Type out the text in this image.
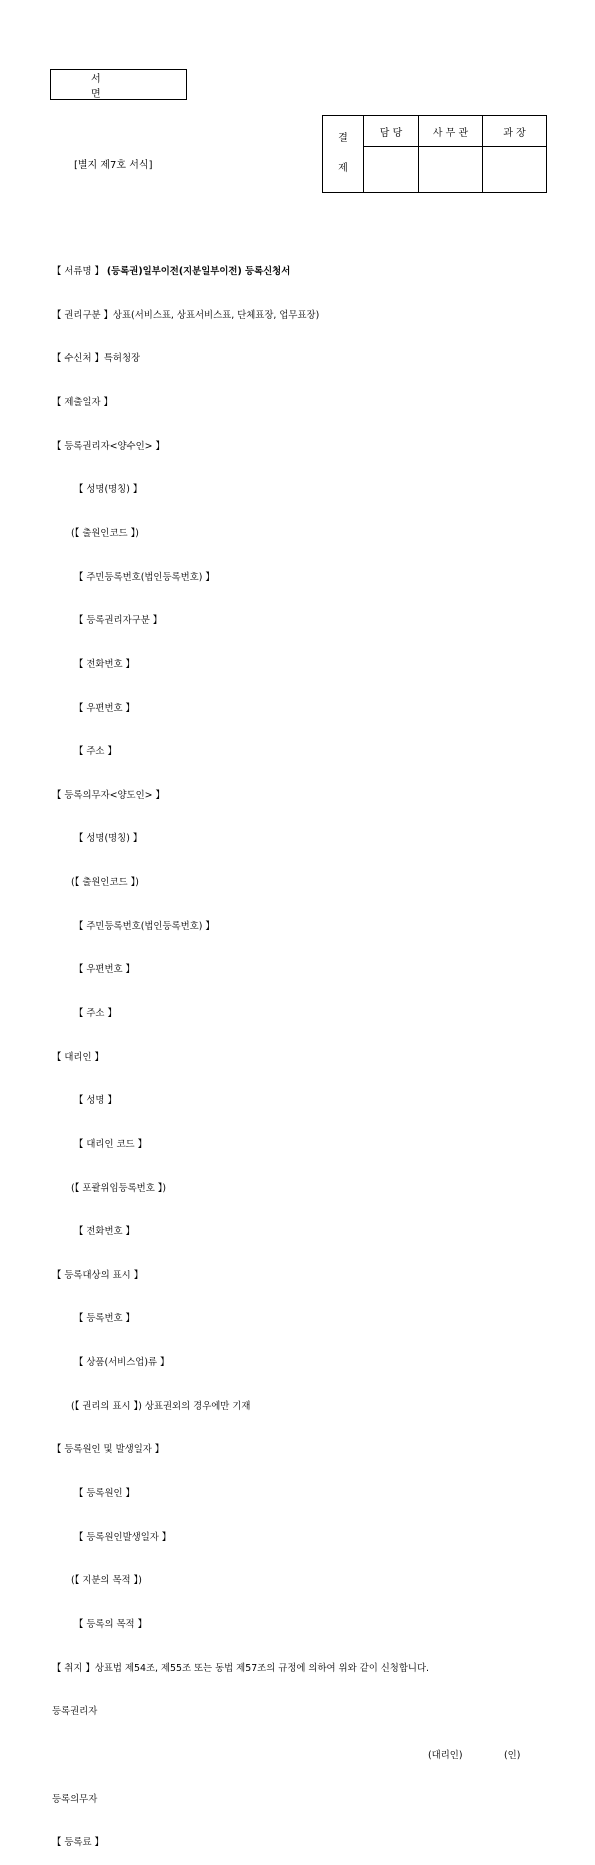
서 면
[별지 제7호 서식]
결
제	담 당	사 무 관	과 장

【 서류명 】 (등록권)일부이전(지분일부이전) 등록신청서

【 권리구분 】상표(서비스표, 상표서비스표, 단체표장, 업무표장)

【 수신처 】특허청장

【 제출일자 】

【 등록권리자<양수인> 】

【 성명(명칭) 】

(【 출원인코드 】)

【 주민등록번호(법인등록번호) 】

【 등록권리자구분 】

【 전화번호 】

【 우편번호 】

【 주소 】

【 등록의무자<양도인> 】

【 성명(명칭) 】

(【 출원인코드 】)

【 주민등록번호(법인등록번호) 】

【 우편번호 】

【 주소 】

【 대리인 】

【 성명 】

【 대리인 코드 】

(【 포괄위임등록번호 】)

【 전화번호 】

【 등록대상의 표시 】

【 등록번호 】

【 상품(서비스업)류 】

(【 권리의 표시 】) 상표권외의 경우에만 기재

【 등록원인 및 발생일자 】

【 등록원인 】

【 등록원인발생일자 】

(【 지분의 목적 】)

【 등록의 목적 】

【 취지 】상표법 제54조, 제55조 또는 동법 제57조의 규정에 의하여 위와 같이 신청합니다.

등록권리자

(대리인)

	(인)

등록의무자

【 등록료 】
